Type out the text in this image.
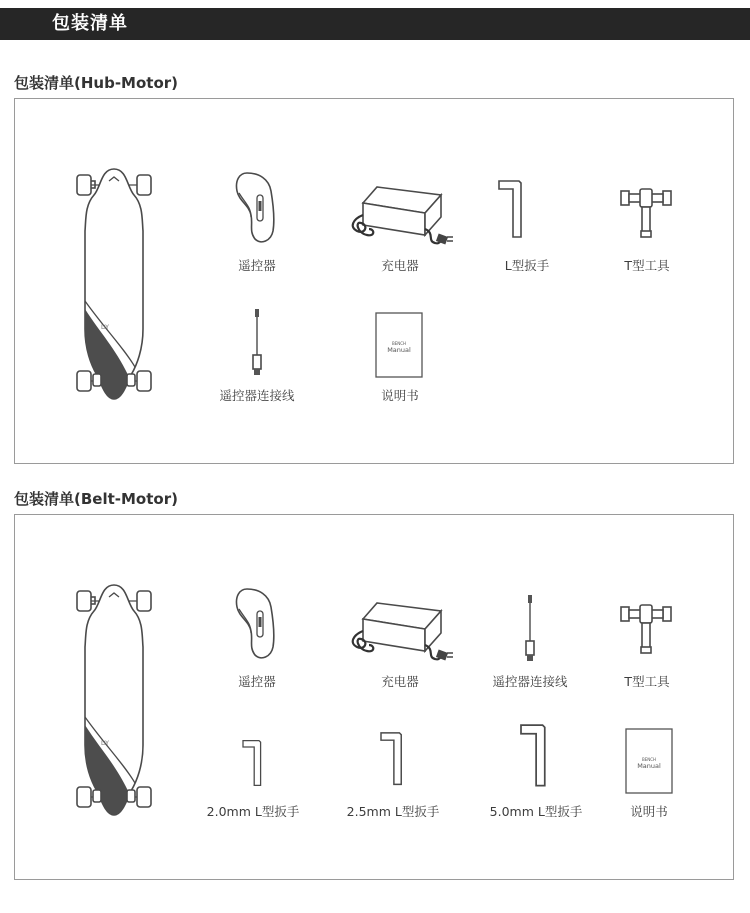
包装清单
包装清单(Hub-Motor)
遥控器	充电器	L型扳手	T型工具
遥控器连接线
BENCH
Manual
说明书
包装清单(Belt-Motor)
遥控器	充电器	遥控器连接线	T型工具
2.0mm L型扳手	2.5mm L型扳手	5.0mm L型扳手
BENCH
Manual
说明书
